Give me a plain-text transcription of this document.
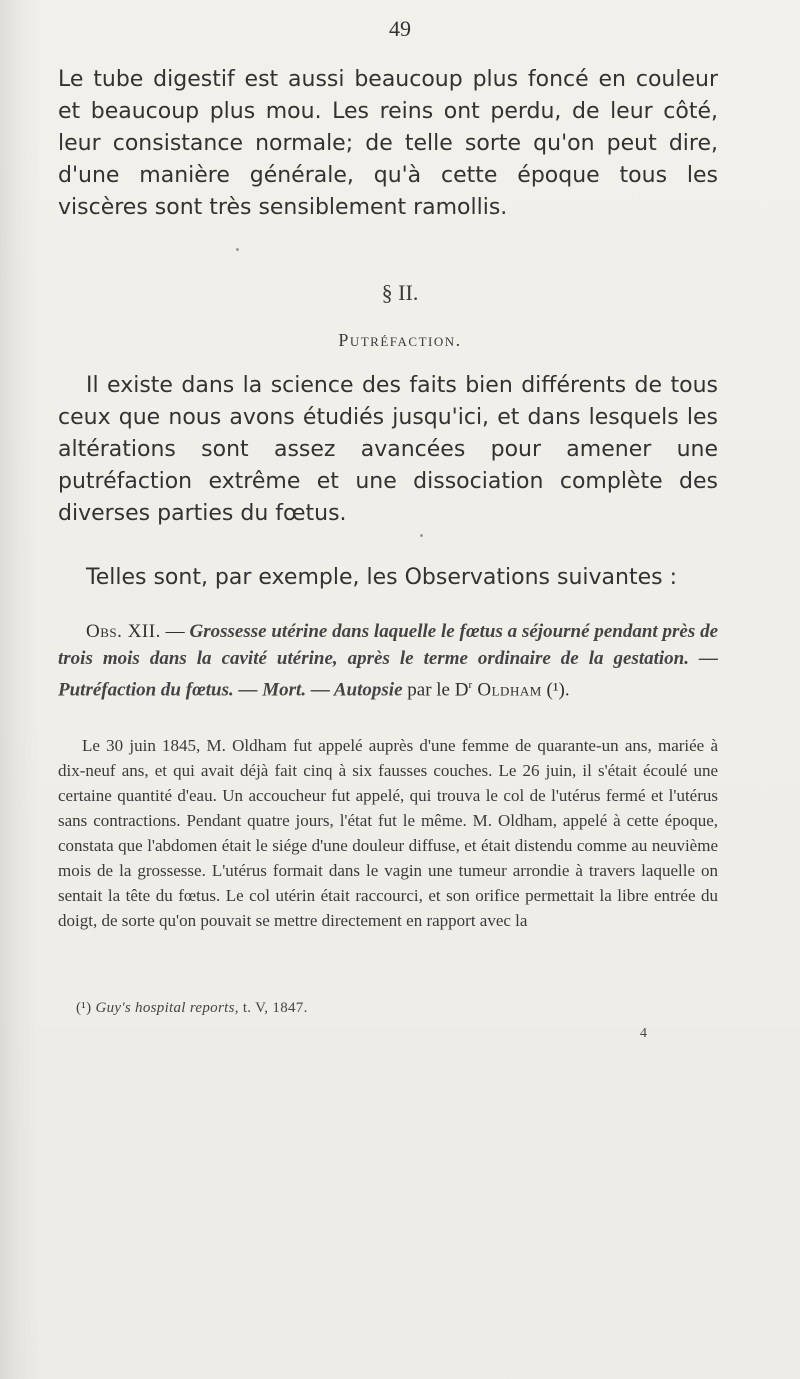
49
Le tube digestif est aussi beaucoup plus foncé en couleur et beaucoup plus mou. Les reins ont perdu, de leur côté, leur consistance normale; de telle sorte qu'on peut dire, d'une manière générale, qu'à cette époque tous les viscères sont très sensiblement ramollis.
§ II.
Putréfaction.
Il existe dans la science des faits bien différents de tous ceux que nous avons étudiés jusqu'ici, et dans lesquels les altérations sont assez avancées pour amener une putréfaction extrême et une dissociation complète des diverses parties du fœtus.
Telles sont, par exemple, les Observations suivantes :
Obs. XII. — Grossesse utérine dans laquelle le fœtus a séjourné pendant près de trois mois dans la cavité utérine, après le terme ordinaire de la gestation. — Putréfaction du fœtus. — Mort. — Autopsie par le $D^r$ Oldham (¹).
Le 30 juin 1845, M. Oldham fut appelé auprès d'une femme de quarante-un ans, mariée à dix-neuf ans, et qui avait déjà fait cinq à six fausses couches. Le 26 juin, il s'était écoulé une certaine quantité d'eau. Un accoucheur fut appelé, qui trouva le col de l'utérus fermé et l'utérus sans contractions. Pendant quatre jours, l'état fut le même. M. Oldham, appelé à cette époque, constata que l'abdomen était le siége d'une douleur diffuse, et était distendu comme au neuvième mois de la grossesse. L'utérus formait dans le vagin une tumeur arrondie à travers laquelle on sentait la tête du fœtus. Le col utérin était raccourci, et son orifice permettait la libre entrée du doigt, de sorte qu'on pouvait se mettre directement en rapport avec la
(¹) Guy's hospital reports, t. V, 1847.
4
